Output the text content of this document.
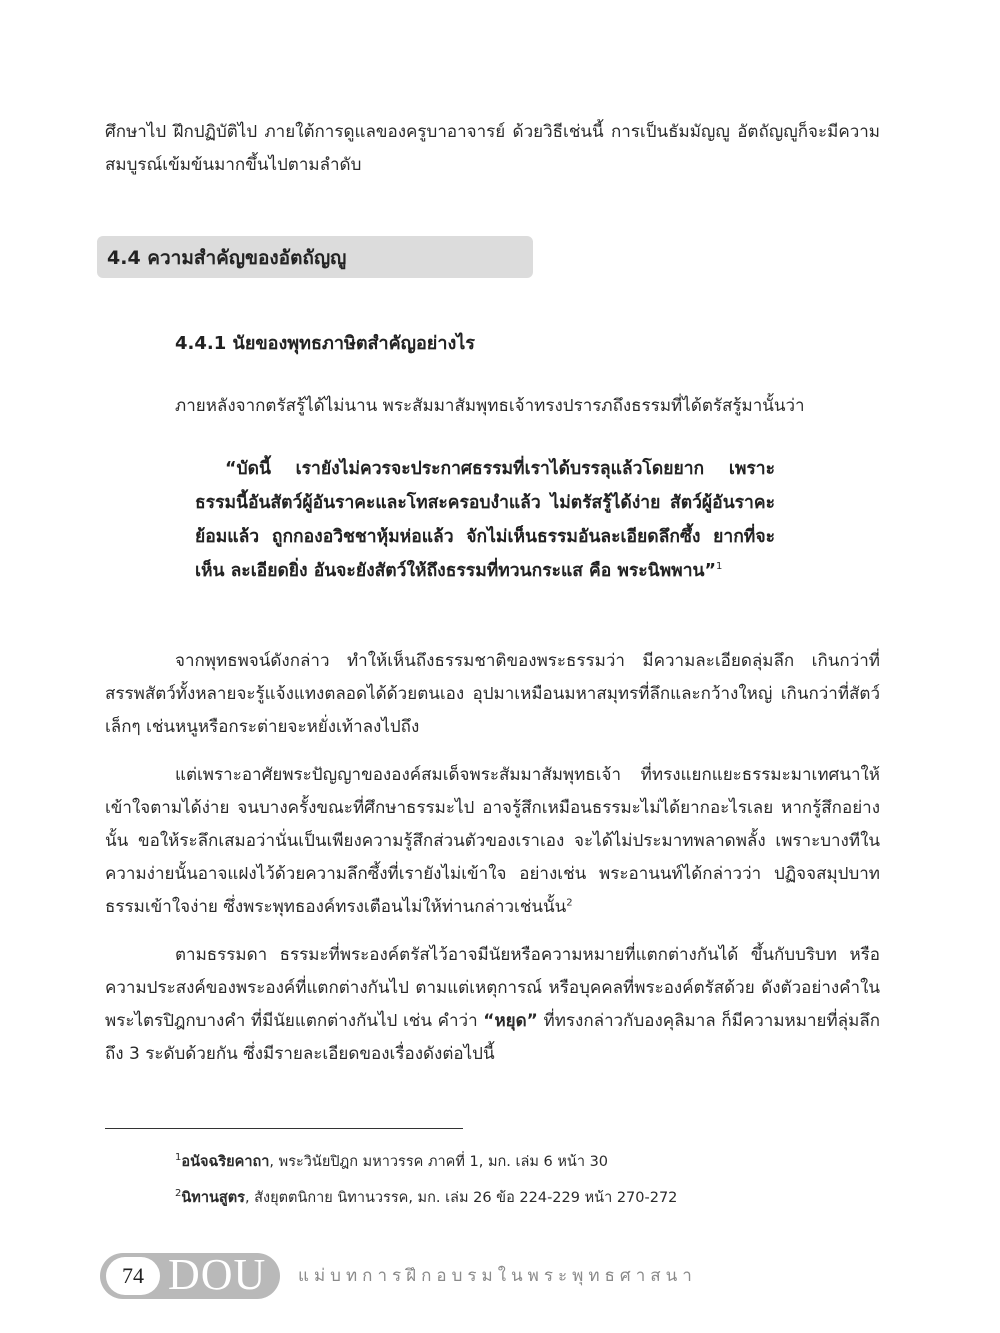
ศึกษาไป ฝึกปฏิบัติไป ภายใต้การดูแลของครูบาอาจารย์ ด้วยวิธีเช่นนี้ การเป็นธัมมัญญู อัตถัญญูก็จะมีความสมบูรณ์เข้มข้นมากขึ้นไปตามลำดับ

4.4 ความสำคัญของอัตถัญญู
4.4.1 นัยของพุทธภาษิตสำคัญอย่างไร
ภายหลังจากตรัสรู้ได้ไม่นาน พระสัมมาสัมพุทธเจ้าทรงปรารภถึงธรรมที่ได้ตรัสรู้มานั้นว่า
“บัดนี้ เรายังไม่ควรจะประกาศธรรมที่เราได้บรรลุแล้วโดยยาก เพราะธรรมนี้อันสัตว์ผู้อันราคะและโทสะครอบงำแล้ว ไม่ตรัสรู้ได้ง่าย สัตว์ผู้อันราคะย้อมแล้ว ถูกกองอวิชชาหุ้มห่อแล้ว จักไม่เห็นธรรมอันละเอียดลึกซึ้ง ยากที่จะเห็น ละเอียดยิ่ง อันจะยังสัตว์ให้ถึงธรรมที่ทวนกระแส คือ พระนิพพาน”$^1$

จากพุทธพจน์ดังกล่าว ทำให้เห็นถึงธรรมชาติของพระธรรมว่า มีความละเอียดลุ่มลึก เกินกว่าที่สรรพสัตว์ทั้งหลายจะรู้แจ้งแทงตลอดได้ด้วยตนเอง อุปมาเหมือนมหาสมุทรที่ลึกและกว้างใหญ่ เกินกว่าที่สัตว์เล็กๆ เช่นหนูหรือกระต่ายจะหยั่งเท้าลงไปถึง

แต่เพราะอาศัยพระปัญญาขององค์สมเด็จพระสัมมาสัมพุทธเจ้า ที่ทรงแยกแยะธรรมะมาเทศนาให้เข้าใจตามได้ง่าย จนบางครั้งขณะที่ศึกษาธรรมะไป อาจรู้สึกเหมือนธรรมะไม่ได้ยากอะไรเลย หากรู้สึกอย่างนั้น ขอให้ระลึกเสมอว่านั่นเป็นเพียงความรู้สึกส่วนตัวของเราเอง จะได้ไม่ประมาทพลาดพลั้ง เพราะบางทีในความง่ายนั้นอาจแฝงไว้ด้วยความลึกซึ้งที่เรายังไม่เข้าใจ อย่างเช่น พระอานนท์ได้กล่าวว่า ปฏิจจสมุปบาทธรรมเข้าใจง่าย ซึ่งพระพุทธองค์ทรงเตือนไม่ให้ท่านกล่าวเช่นนั้น$^2$

ตามธรรมดา ธรรมะที่พระองค์ตรัสไว้อาจมีนัยหรือความหมายที่แตกต่างกันได้ ขึ้นกับบริบท หรือความประสงค์ของพระองค์ที่แตกต่างกันไป ตามแต่เหตุการณ์ หรือบุคคลที่พระองค์ตรัสด้วย ดังตัวอย่างคำในพระไตรปิฎกบางคำ ที่มีนัยแตกต่างกันไป เช่น คำว่า “หยุด” ที่ทรงกล่าวกับองคุลิมาล ก็มีความหมายที่ลุ่มลึกถึง 3 ระดับด้วยกัน ซึ่งมีรายละเอียดของเรื่องดังต่อไปนี้

$^1$อนัจฉริยคาถา, พระวินัยปิฎก มหาวรรค ภาคที่ 1, มก. เล่ม 6 หน้า 30
$^2$นิทานสูตร, สังยุตตนิกาย นิทานวรรค, มก. เล่ม 26 ข้อ 224-229 หน้า 270-272
74 DOU แม่บทการฝึกอบรมในพระพุทธศาสนา
